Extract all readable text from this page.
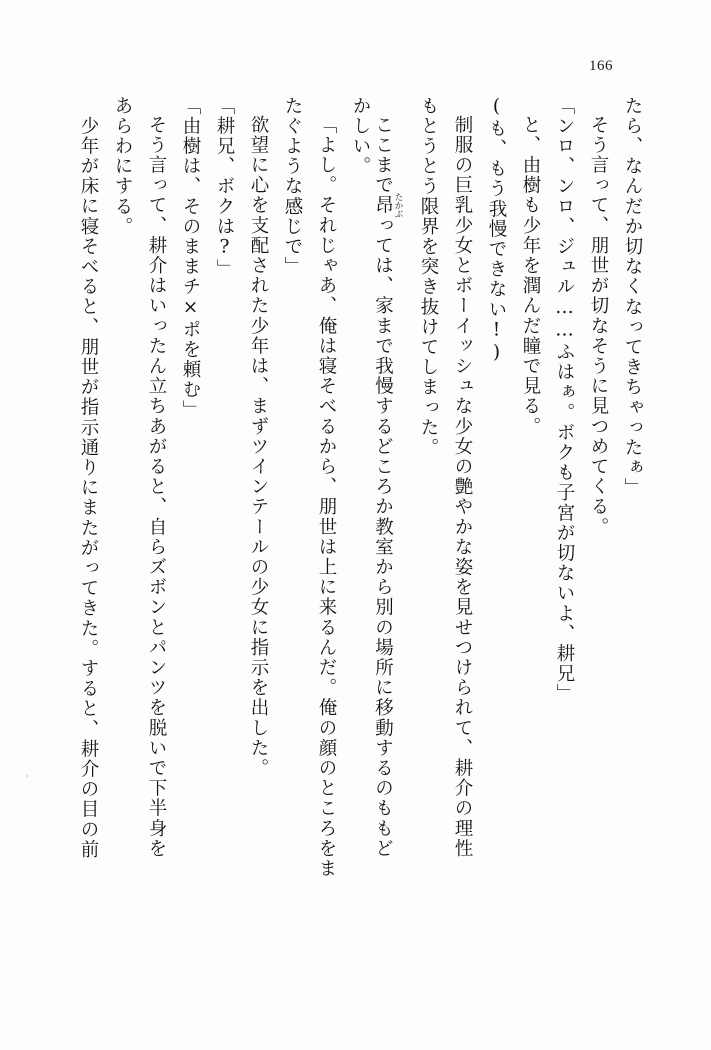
166
たら、なんだか切なくなってきちゃったぁ」
そう言って、朋世が切なそうに見つめてくる。
「ンロ、ンロ、ジュル……ふはぁ。ボクも子宮が切ないよ、耕兄」
と、由樹も少年を潤んだ瞳で見る。
(も、もう我慢できない!)
制服の巨乳少女とボーイッシュな少女の艶やかな姿を見せつけられて、耕介の理性
もとうとう限界を突き抜けてしまった。
ここまで昂 たかぶっては、家まで我慢するどころか教室から別の場所に移動するのももど
かしい。
「よし。それじゃあ、俺は寝そべるから、朋世は上に来るんだ。俺の顔のところをま
たぐような感じで」
欲望に心を支配された少年は、まずツインテールの少女に指示を出した。
「耕兄、ボクは?」
「由樹は、そのままチ×ポを頼む」
そう言って、耕介はいったん立ちあがると、自らズボンとパンツを脱いで下半身を
あらわにする。
少年が床に寝そべると、朋世が指示通りにまたがってきた。すると、耕介の目の前
